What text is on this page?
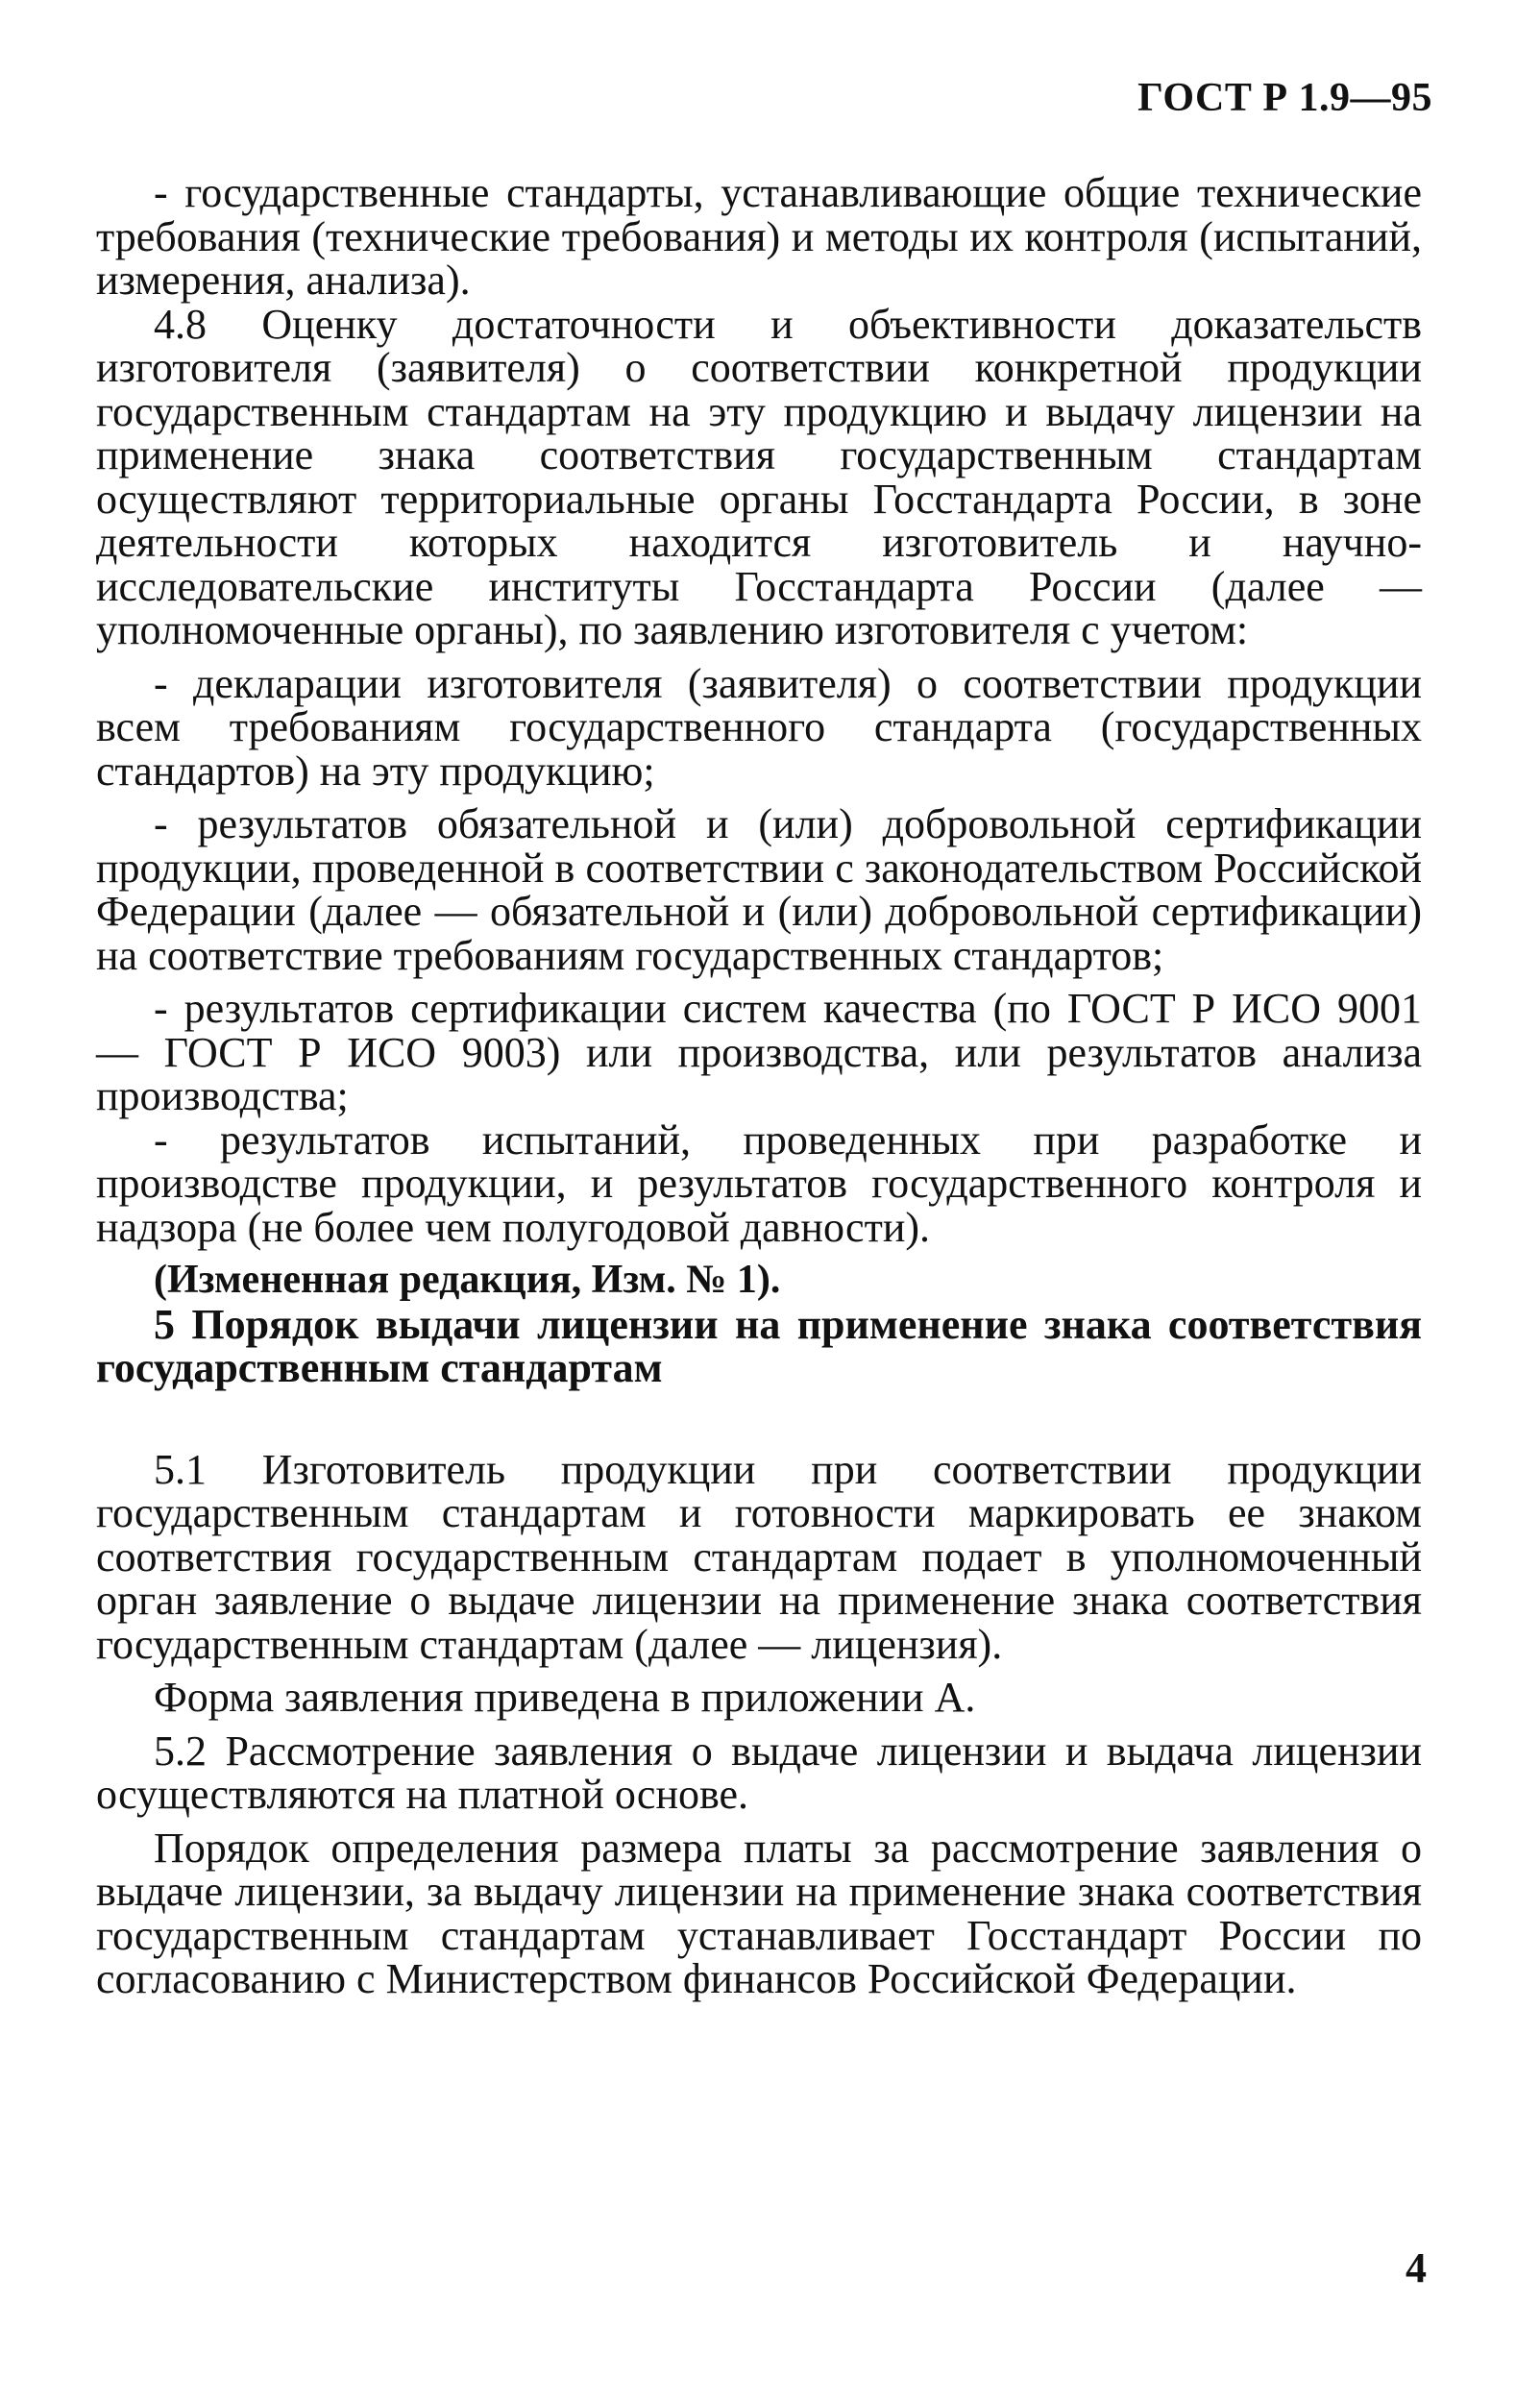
ГОСТ Р 1.9—95

- государственные стандарты, устанавливающие общие технические требования (технические требования) и методы их контроля (испытаний, измерения, анализа).

4.8 Оценку достаточности и объективности доказательств изготовителя (заявителя) о соответствии конкретной продукции государственным стандартам на эту продукцию и выдачу лицензии на применение знака соответствия государственным стандартам осуществляют территориальные органы Госстандарта России, в зоне деятельности которых находится изготовитель и научно-исследовательские институты Госстандарта России (далее — уполномоченные органы), по заявлению изготовителя с учетом:

- декларации изготовителя (заявителя) о соответствии продукции всем требованиям государственного стандарта (государственных стандартов) на эту продукцию;

- результатов обязательной и (или) добровольной сертификации продукции, проведенной в соответствии с законодательством Российской Федерации (далее — обязательной и (или) добровольной сертификации) на соответствие требованиям государственных стандартов;

- результатов сертификации систем качества (по ГОСТ Р ИСО 9001 — ГОСТ Р ИСО 9003) или производства, или результатов анализа производства;

- результатов испытаний, проведенных при разработке и производстве продукции, и результатов государственного контроля и надзора (не более чем полугодовой давности).

(Измененная редакция, Изм. № 1).

5 Порядок выдачи лицензии на применение знака соответствия государственным стандартам

5.1 Изготовитель продукции при соответствии продукции государственным стандартам и готовности маркировать ее знаком соответствия государственным стандартам подает в уполномоченный орган заявление о выдаче лицензии на применение знака соответствия государственным стандартам (далее — лицензия).

Форма заявления приведена в приложении А.

5.2 Рассмотрение заявления о выдаче лицензии и выдача лицензии осуществляются на платной основе.

Порядок определения размера платы за рассмотрение заявления о выдаче лицензии, за выдачу лицензии на применение знака соответствия государственным стандартам устанавливает Госстандарт России по согласованию с Министерством финансов Российской Федерации.

4
